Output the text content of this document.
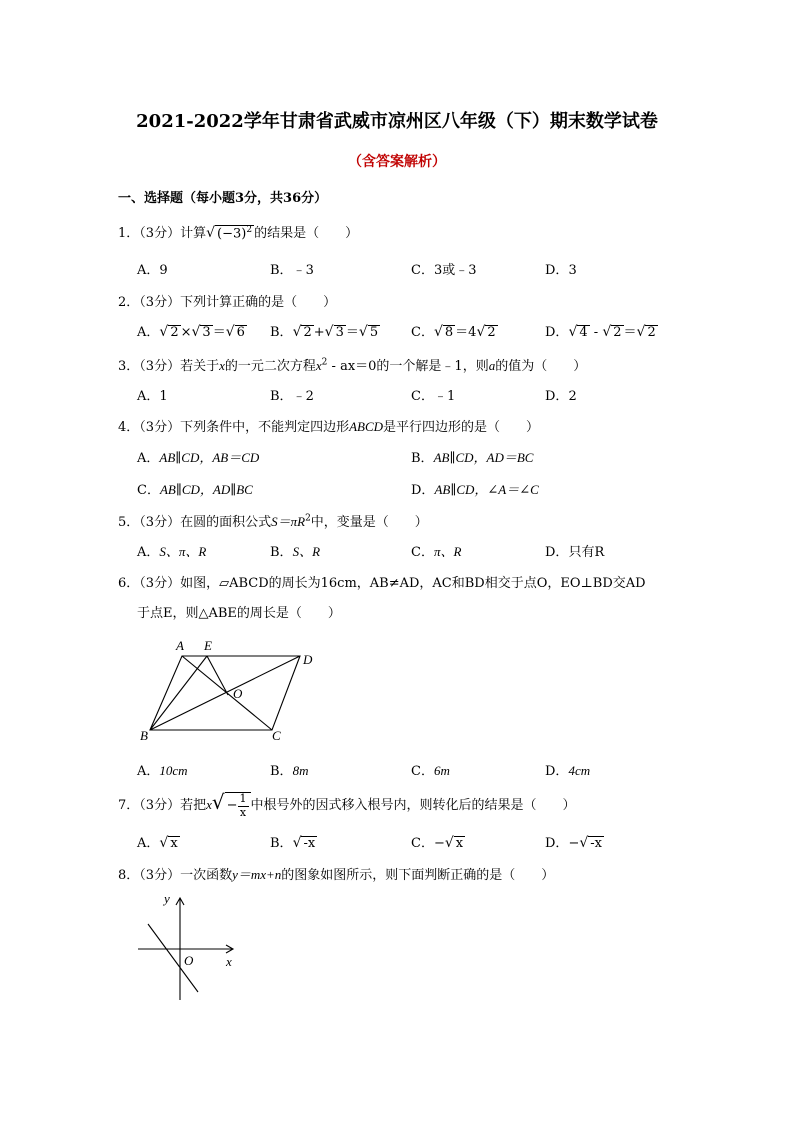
2021-2022学年甘肃省武威市凉州区八年级（下）期末数学试卷
（含答案解析）
一、选择题（每小题3分，共36分）
1．（3分）计算√ $(-3)^2$ 的结果是（　　）
A．9	B．﹣3	C．3或﹣3	D．3
2．（3分）下列计算正确的是（　　）
A．√ 2 ×√ 3 ＝√ 6 B．√ 2 +√ 3 ＝√ 5	C．√ 8 ＝4√ 2	D．√ 4 - √ 2 ＝√ 2
3．（3分）若关于x的一元二次方程$x^2 - ax=0$的一个解是﹣1，则a的值为（　　）
A．1	B．﹣2	C．﹣1	D．2
4．（3分）下列条件中，不能判定四边形ABCD是平行四边形的是（　　）
A．AB∥CD，AB＝CD	B．AB∥CD，AD＝BC
C．AB∥CD，AD∥BC	D．AB∥CD，∠A＝∠C
5．（3分）在圆的面积公式$S=\pi R^2$中，变量是（　　）
A．S、π、R	B．S、R	C．π、R	D．只有R
6．（3分）如图，▱ABCD的周长为16cm，AB≠AD，AC和BD相交于点O，EO⊥BD交AD
于点E，则△ABE的周长是（　　）
A E
D
O
B	C
A．10cm	B．8m	C．6m	D．4cm
7．（3分）若把$x√ - \frac{1}{x}$ 中根号外的因式移入根号内，则转化后的结果是（　　）
A．√ x	B．√ -x	C．−√ x	D．−√ -x
8．（3分）一次函数y＝mx+n的图象如图所示，则下面判断正确的是（　　）
y
x
O
